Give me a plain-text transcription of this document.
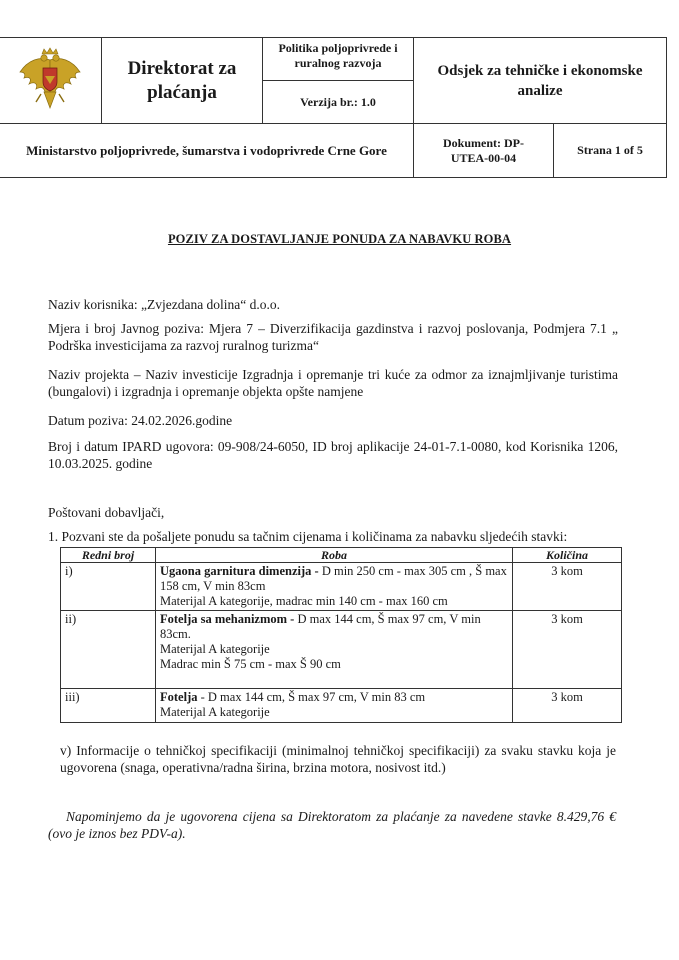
Direktorat za plaćanja
Politika poljoprivrede i ruralnog razvoja
Verzija br.: 1.0
Odsjek za tehničke i ekonomske analize
Ministarstvo poljoprivrede, šumarstva i vodoprivrede Crne Gore
Dokument: DP-UTEA-00-04
Strana 1 of 5
POZIV ZA DOSTAVLJANJE PONUDA ZA NABAVKU ROBA
Naziv korisnika: „Zvjezdana dolina“ d.o.o.
Mjera i broj Javnog poziva: Mjera 7 – Diverzifikacija gazdinstva i razvoj poslovanja, Podmjera 7.1 „ Podrška investicijama za razvoj ruralnog turizma“
Naziv projekta – Naziv investicije Izgradnja i opremanje tri kuće za odmor za iznajmljivanje turistima (bungalovi) i izgradnja i opremanje objekta opšte namjene
Datum poziva: 24.02.2026.godine
Broj i datum IPARD ugovora: 09-908/24-6050, ID broj aplikacije 24-01-7.1-0080, kod Korisnika 1206, 10.03.2025. godine
Poštovani dobavljači,
1. Pozvani ste da pošaljete ponudu sa tačnim cijenama i količinama za nabavku sljedećih stavki:
Redni broj	Roba	Količina
i)	Ugaona garnitura dimenzija - D min 250 cm - max 305 cm , Š max 158 cm, V min 83cm
Materijal A kategorije, madrac min 140 cm - max 160 cm	3 kom
ii)	Fotelja sa mehanizmom - D max 144 cm, Š max 97 cm, V min 83cm.
Materijal A kategorije
Madrac min Š 75 cm - max Š 90 cm	3 kom
iii)	Fotelja - D max 144 cm, Š max 97 cm, V min 83 cm
Materijal A kategorije	3 kom
v) Informacije o tehničkoj specifikaciji (minimalnoj tehničkoj specifikaciji) za svaku stavku koja je ugovorena (snaga, operativna/radna širina, brzina motora, nosivost itd.)
Napominjemo da je ugovorena cijena sa Direktoratom za plaćanje za navedene stavke 8.429,76 € (ovo je iznos bez PDV-a).
